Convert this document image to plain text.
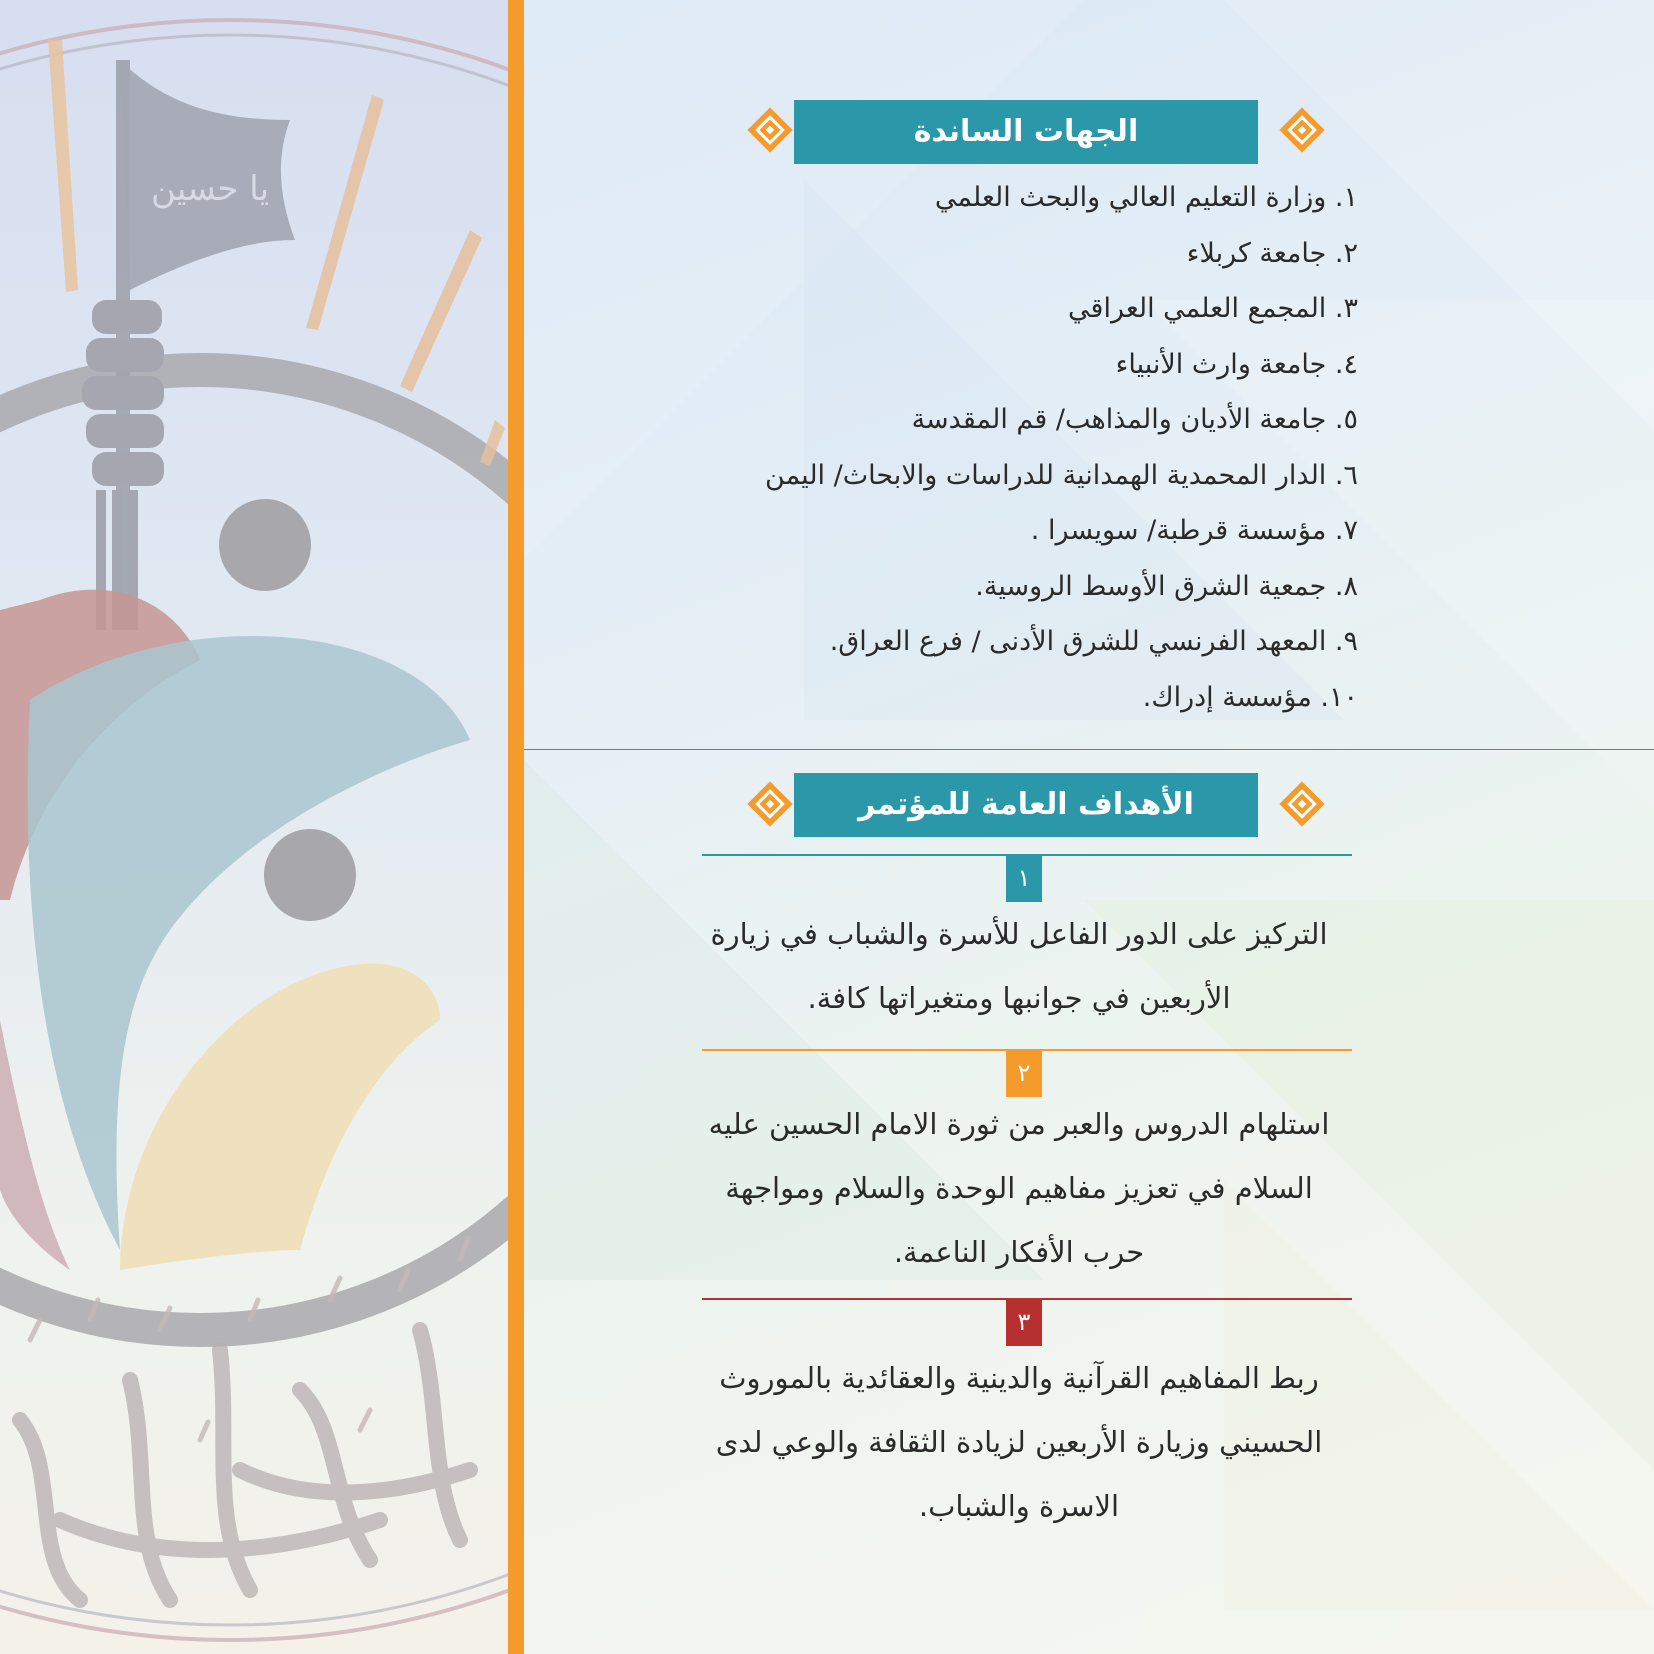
يا حسين
الجهات الساندة
١. وزارة التعليم العالي والبحث العلمي
٢. جامعة كربلاء
٣. المجمع العلمي العراقي
٤. جامعة وارث الأنبياء
٥. جامعة الأديان والمذاهب/ قم المقدسة
٦. الدار المحمدية الهمدانية للدراسات والابحاث/ اليمن
٧. مؤسسة قرطبة/ سويسرا .
٨. جمعية الشرق الأوسط الروسية.
٩. المعهد الفرنسي للشرق الأدنى / فرع العراق.
١٠. مؤسسة إدراك.
الأهداف العامة للمؤتمر
١

التركيز على الدور الفاعل للأسرة والشباب في زيارة الأربعين في جوانبها ومتغيراتها كافة.

٢

استلهام الدروس والعبر من ثورة الامام الحسين عليه السلام في تعزيز مفاهيم الوحدة والسلام ومواجهة حرب الأفكار الناعمة.

٣

ربط المفاهيم القرآنية والدينية والعقائدية بالموروث الحسيني وزيارة الأربعين لزيادة الثقافة والوعي لدى الاسرة والشباب.
